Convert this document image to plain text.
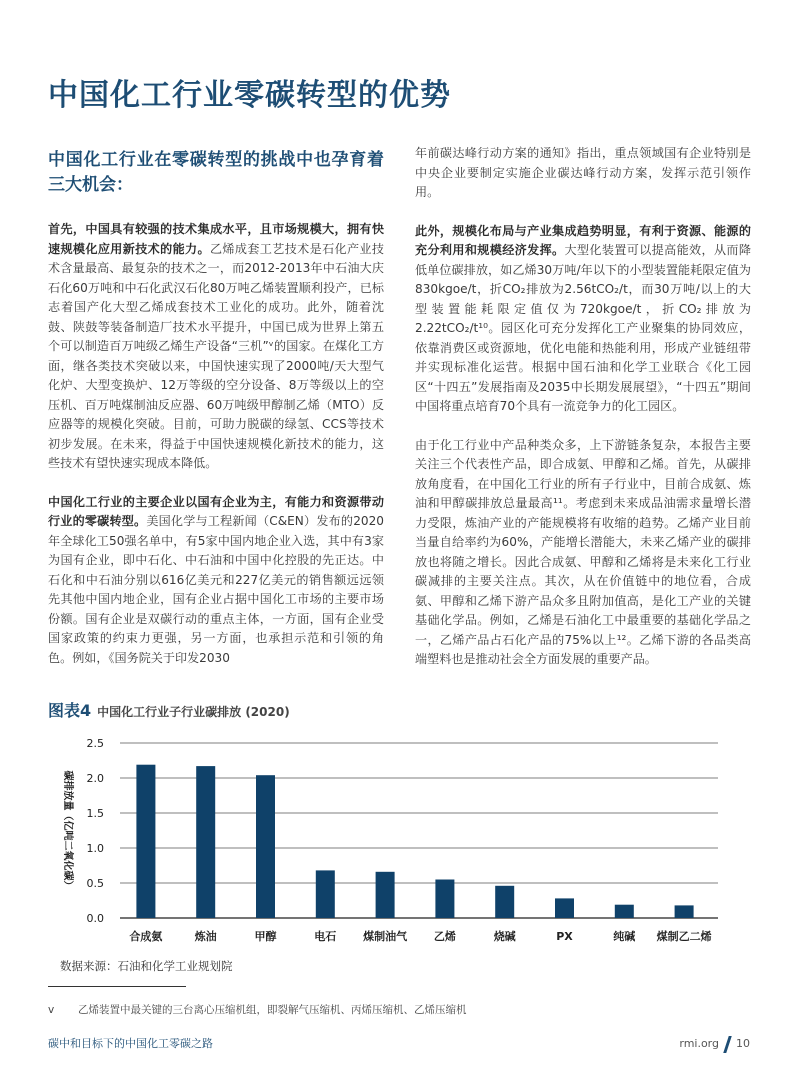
中国化工行业零碳转型的优势
中国化工行业在零碳转型的挑战中也孕育着三大机会：

首先，中国具有较强的技术集成水平，且市场规模大，拥有快速规模化应用新技术的能力。乙烯成套工艺技术是石化产业技术含量最高、最复杂的技术之一，而2012-2013年中石油大庆石化60万吨和中石化武汉石化80万吨乙烯装置顺利投产，已标志着国产化大型乙烯成套技术工业化的成功。此外，随着沈鼓、陕鼓等装备制造厂技术水平提升，中国已成为世界上第五个可以制造百万吨级乙烯生产设备“三机”ᵛ的国家。在煤化工方面，继各类技术突破以来，中国快速实现了2000吨/天大型气化炉、大型变换炉、12万等级的空分设备、8万等级以上的空压机、百万吨煤制油反应器、60万吨级甲醇制乙烯（MTO）反应器等的规模化突破。目前，可助力脱碳的绿氢、CCS等技术初步发展。在未来，得益于中国快速规模化新技术的能力，这些技术有望快速实现成本降低。

中国化工行业的主要企业以国有企业为主，有能力和资源带动行业的零碳转型。美国化学与工程新闻（C&EN）发布的2020年全球化工50强名单中，有5家中国内地企业入选，其中有3家为国有企业，即中石化、中石油和中国中化控股的先正达。中石化和中石油分别以616亿美元和227亿美元的销售额远远领先其他中国内地企业，国有企业占据中国化工市场的主要市场份额。国有企业是双碳行动的重点主体，一方面，国有企业受国家政策的约束力更强，另一方面，也承担示范和引领的角色。例如，《国务院关于印发2030

年前碳达峰行动方案的通知》指出，重点领域国有企业特别是中央企业要制定实施企业碳达峰行动方案，发挥示范引领作用。

此外，规模化布局与产业集成趋势明显，有利于资源、能源的充分利用和规模经济发挥。大型化装置可以提高能效，从而降低单位碳排放，如乙烯30万吨/年以下的小型装置能耗限定值为830kgoe/t，折CO₂排放为2.56tCO₂/t，而30万吨/以上的大型装置能耗限定值仅为720kgoe/t，折CO₂排放为2.22tCO₂/t¹⁰。园区化可充分发挥化工产业聚集的协同效应，依靠消费区或资源地，优化电能和热能利用，形成产业链纽带并实现标准化运营。根据中国石油和化学工业联合《化工园区“十四五”发展指南及2035中长期发展展望》，“十四五”期间中国将重点培育70个具有一流竞争力的化工园区。

由于化工行业中产品种类众多，上下游链条复杂，本报告主要关注三个代表性产品，即合成氨、甲醇和乙烯。首先，从碳排放角度看，在中国化工行业的所有子行业中，目前合成氨、炼油和甲醇碳排放总量最高¹¹。考虑到未来成品油需求量增长潜力受限，炼油产业的产能规模将有收缩的趋势。乙烯产业目前当量自给率约为60%，产能增长潜能大，未来乙烯产业的碳排放也将随之增长。因此合成氨、甲醇和乙烯将是未来化工行业碳减排的主要关注点。其次，从在价值链中的地位看，合成氨、甲醇和乙烯下游产品众多且附加值高，是化工产业的关键基础化学品。例如，乙烯是石油化工中最重要的基础化学品之一，乙烯产品占石化产品的75%以上¹²。乙烯下游的各品类高端塑料也是推动社会全方面发展的重要产品。

图表4 中国化工行业子行业碳排放 (2020)
0.0
0.5
1.0
1.5
2.0
2.5
碳排放量（亿吨二氧化碳）
合成氨	炼油	甲醇	电石 煤制油气 乙烯	烧碱	PX	纯碱 煤制乙二烯
数据来源：石油和化学工业规划院
v 乙烯装置中最关键的三台离心压缩机组，即裂解气压缩机、丙烯压缩机、乙烯压缩机
碳中和目标下的中国化工零碳之路	rmi.org 10
